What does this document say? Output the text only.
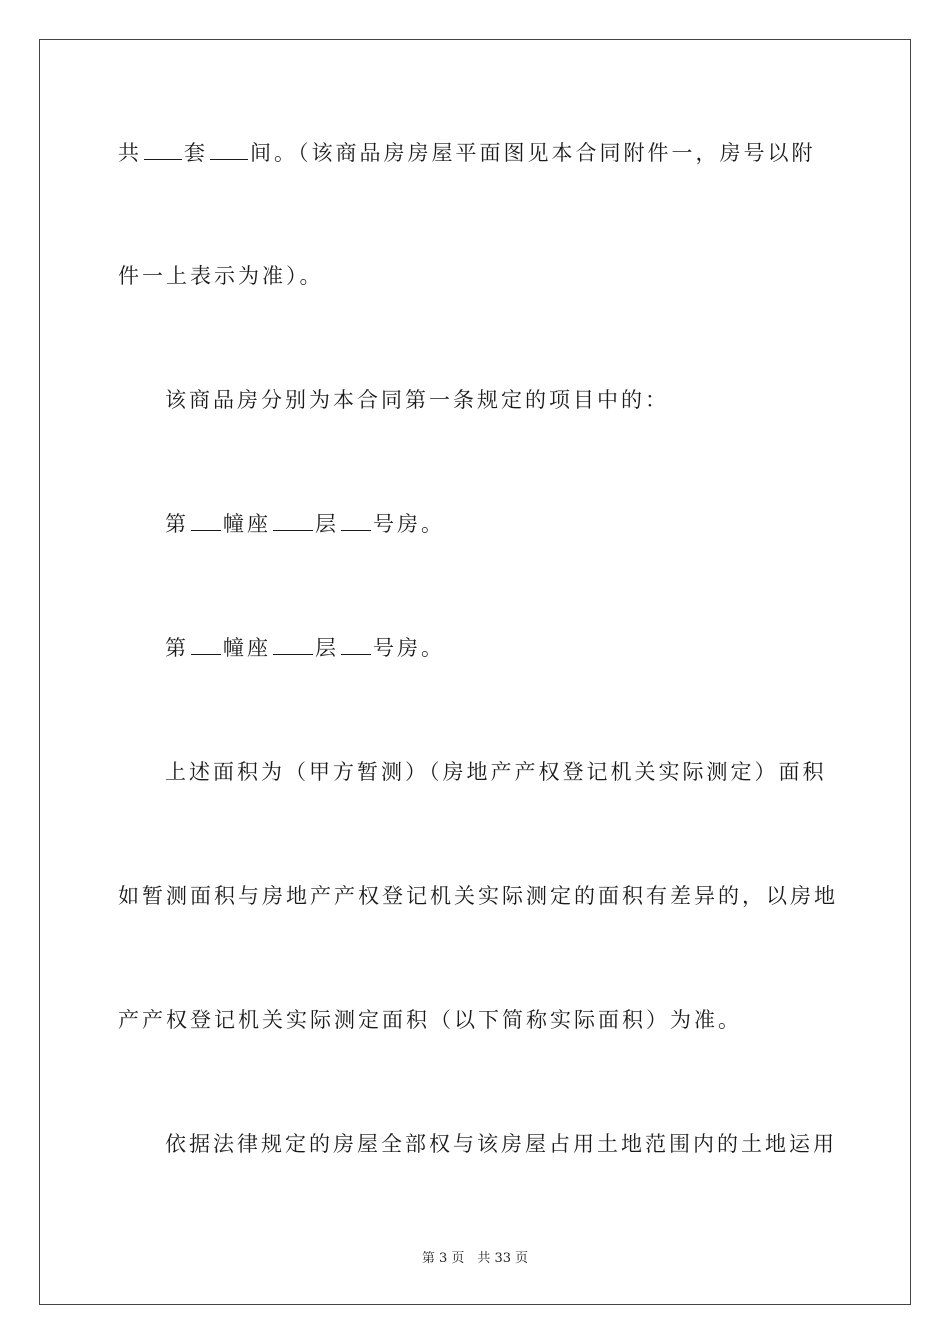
共 套 间。（该商品房房屋平面图见本合同附件一，房号以附
件一上表示为准）。
该商品房分别为本合同第一条规定的项目中的：
第 幢座 层 号房。
第 幢座 层 号房。
上述面积为（甲方暂测）（房地产产权登记机关实际测定）面积
如暂测面积与房地产产权登记机关实际测定的面积有差异的，以房地
产产权登记机关实际测定面积（以下简称实际面积）为准。
依据法律规定的房屋全部权与该房屋占用土地范围内的土地运用
第 3 页　共 33 页
